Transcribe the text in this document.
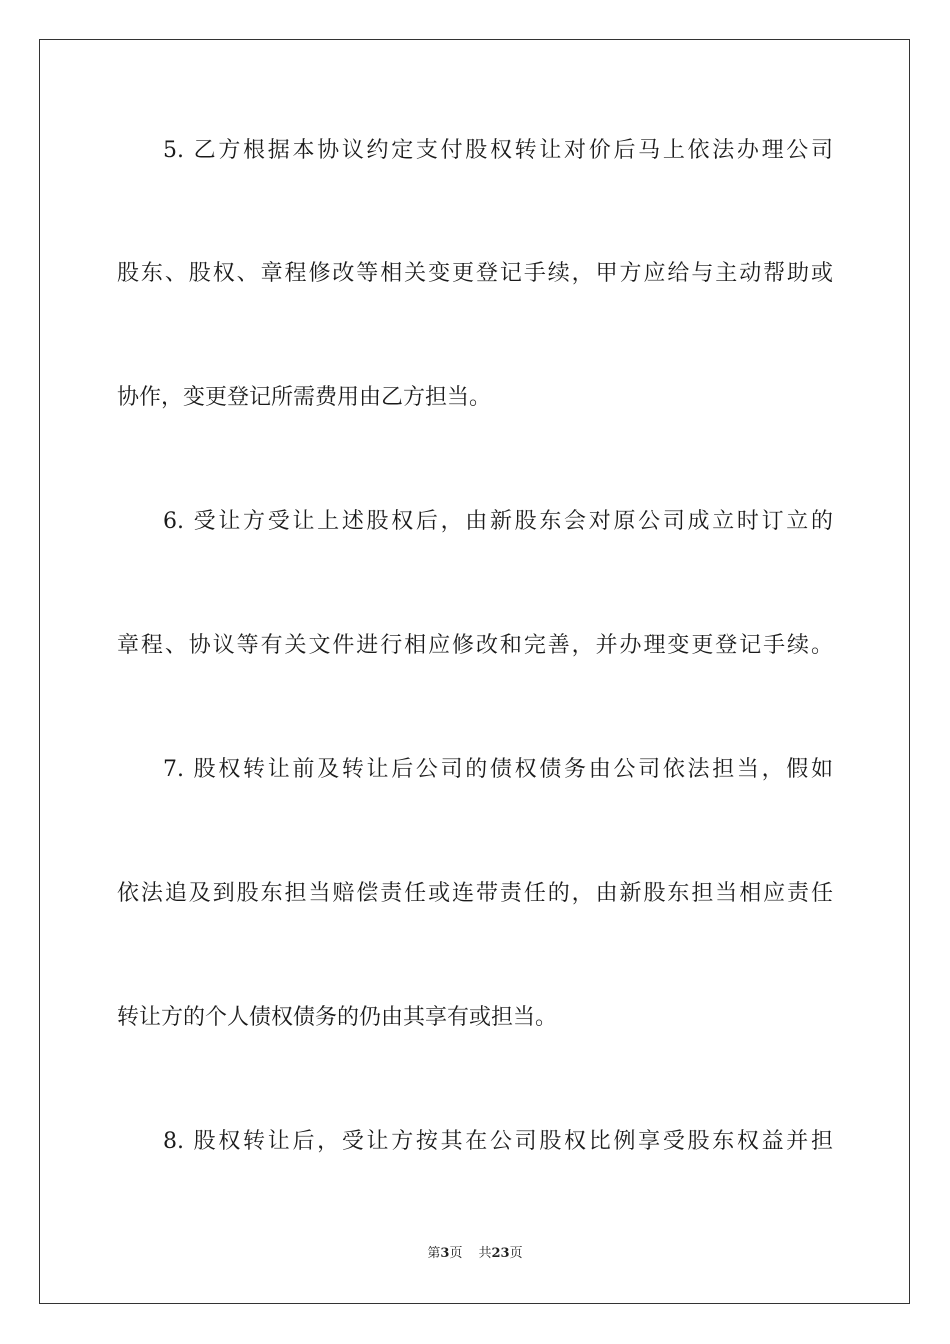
5. 乙方根据本协议约定支付股权转让对价后马上依法办理公司
股东、股权、章程修改等相关变更登记手续，甲方应给与主动帮助或
协作，变更登记所需费用由乙方担当。
6. 受让方受让上述股权后，由新股东会对原公司成立时订立的
章程、协议等有关文件进行相应修改和完善，并办理变更登记手续。
7. 股权转让前及转让后公司的债权债务由公司依法担当，假如
依法追及到股东担当赔偿责任或连带责任的，由新股东担当相应责任
转让方的个人债权债务的仍由其享有或担当。
8. 股权转让后，受让方按其在公司股权比例享受股东权益并担
第3页 共23页
